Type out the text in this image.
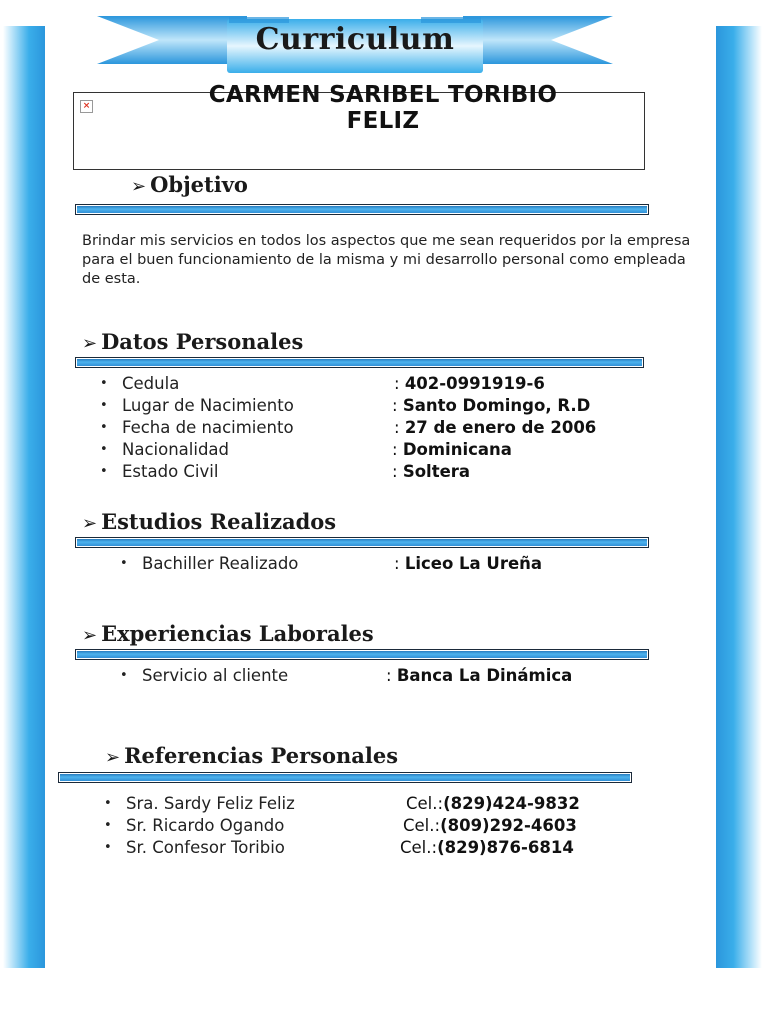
Curriculum
×	CARMEN SARIBEL TORIBIO FELIZ
➢ Objetivo
Brindar mis servicios en todos los aspectos que me sean requeridos por la empresa para el buen funcionamiento de la misma y mi desarrollo personal como empleada de esta.
➢ Datos Personales
• Cedula	: 402-0991919-6
• Lugar de Nacimiento	: Santo Domingo, R.D
• Fecha de nacimiento	: 27 de enero de 2006
• Nacionalidad	: Dominicana
• Estado Civil	: Soltera
➢ Estudios Realizados
• Bachiller Realizado	: Liceo La Ureña
➢ Experiencias Laborales
• Servicio al cliente	: Banca La Dinámica
➢ Referencias Personales
• Sra. Sardy Feliz Feliz	Cel.:(829)424-9832
• Sr. Ricardo Ogando	Cel.:(809)292-4603
• Sr. Confesor Toribio	Cel.:(829)876-6814
